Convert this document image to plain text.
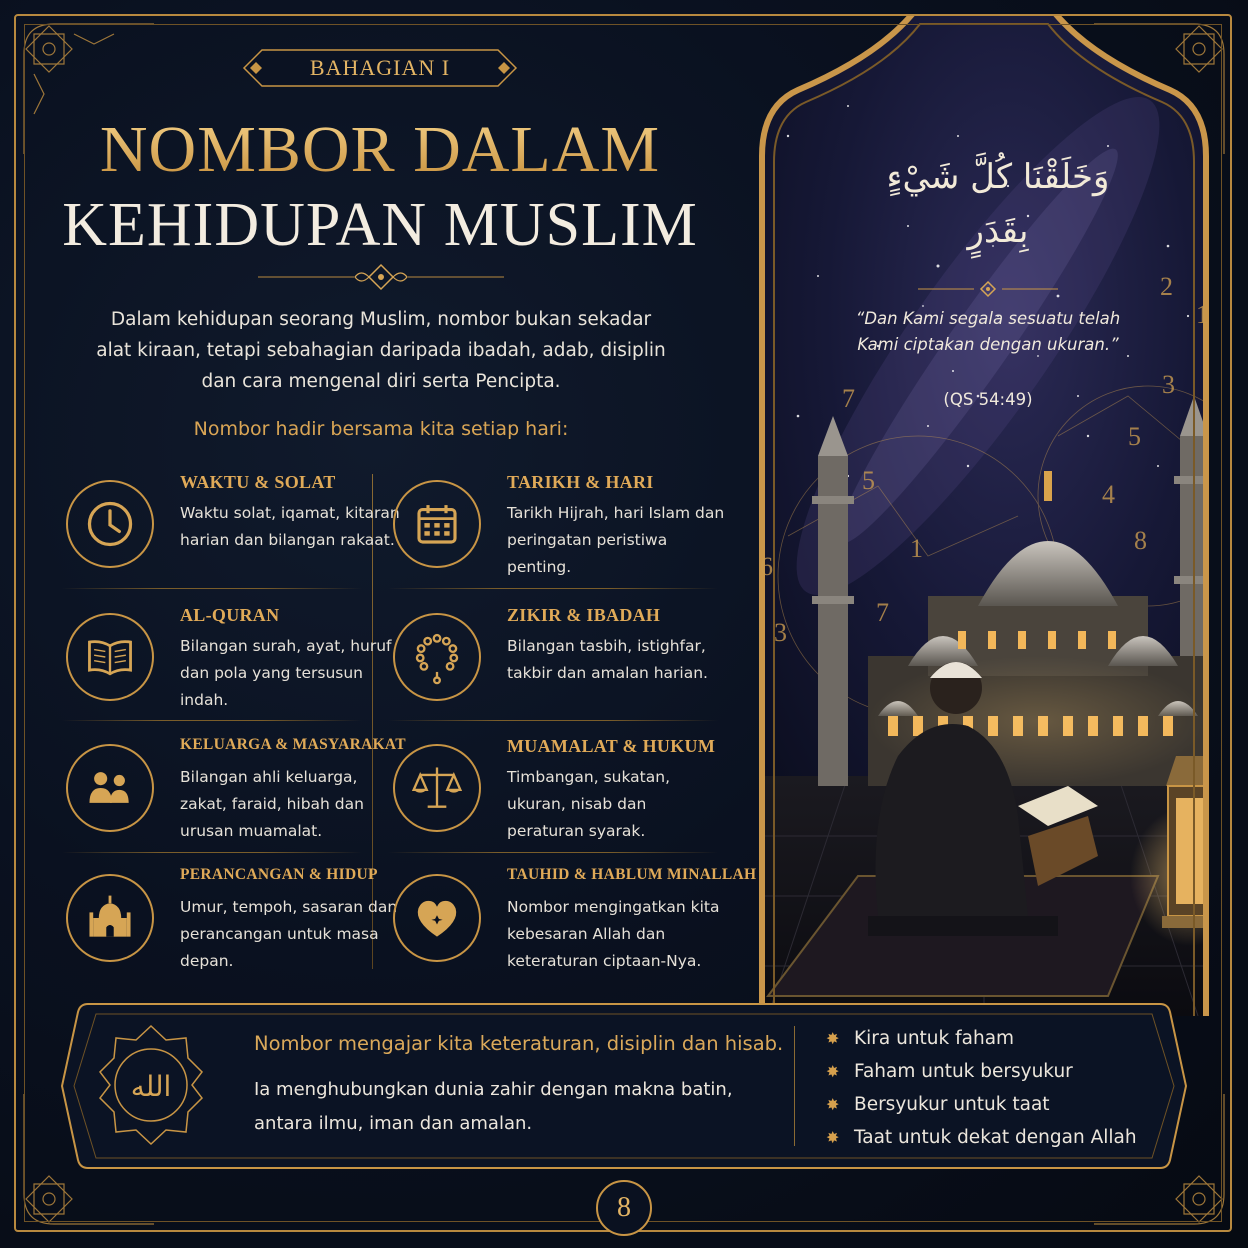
2
1
3
5
4
8
5
1
6
7
3
7
وَخَلَقْنَا كُلَّ شَيْءٍ
بِقَدَرٍ
“Dan Kami segala sesuatu telah Kami ciptakan dengan ukuran.”
(QS 54:49)
BAHAGIAN I
NOMBOR DALAM
KEHIDUPAN MUSLIM
Dalam kehidupan seorang Muslim, nombor bukan sekadar alat kiraan, tetapi sebahagian daripada ibadah, adab, disiplin dan cara mengenal diri serta Pencipta.
Nombor hadir bersama kita setiap hari:
WAKTU & SOLAT
Waktu solat, iqamat, kitaran harian dan bilangan rakaat.
TARIKH & HARI
Tarikh Hijrah, hari Islam dan peringatan peristiwa penting.
AL-QURAN
Bilangan surah, ayat, huruf dan pola yang tersusun indah.
ZIKIR & IBADAH
Bilangan tasbih, istighfar, takbir dan amalan harian.
KELUARGA & MASYARAKAT
Bilangan ahli keluarga, zakat, faraid, hibah dan urusan muamalat.
MUAMALAT & HUKUM
Timbangan, sukatan, ukuran, nisab dan peraturan syarak.
PERANCANGAN & HIDUP
Umur, tempoh, sasaran dan perancangan untuk masa depan.
TAUHID & HABLUM MINALLAH
Nombor mengingatkan kita kebesaran Allah dan keteraturan ciptaan-Nya.
الله
Nombor mengajar kita keteraturan, disiplin dan hisab.
Ia menghubungkan dunia zahir dengan makna batin, antara ilmu, iman dan amalan.
✸ Kira untuk faham
✸ Faham untuk bersyukur
✸ Bersyukur untuk taat
✸ Taat untuk dekat dengan Allah
8
